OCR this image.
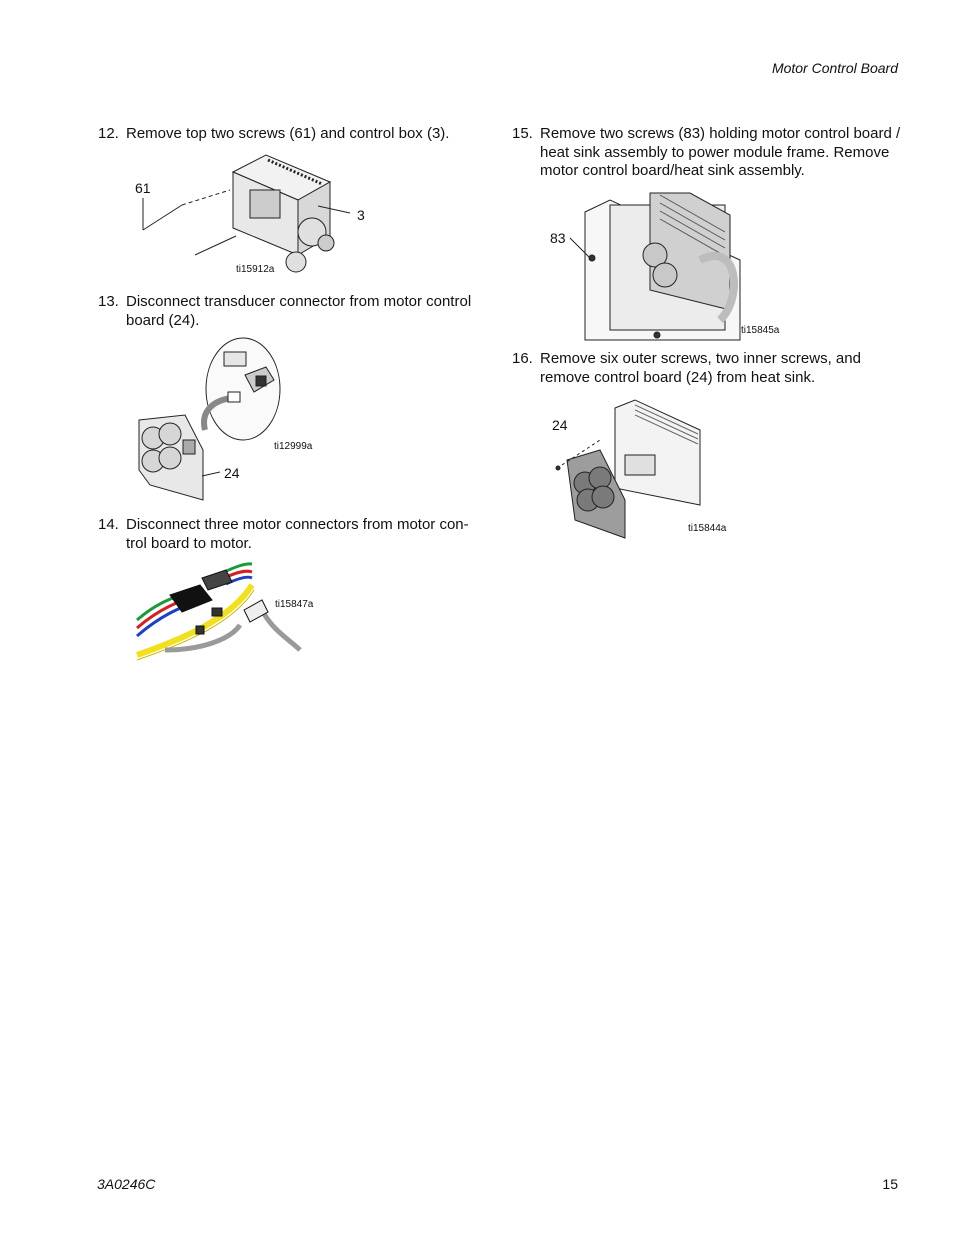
Motor Control Board
3A0246C	15
12. Remove top two screws (61) and control box (3).
61
3
ti15912a
13. Disconnect transducer connector from motor control board (24).
ti12999a
24
14. Disconnect three motor connectors from motor con-trol board to motor.
ti15847a
15. Remove two screws (83) holding motor control board / heat sink assembly to power module frame. Remove motor control board/heat sink assembly.
83
ti15845a
16. Remove six outer screws, two inner screws, and remove control board (24) from heat sink.
24
ti15844a
